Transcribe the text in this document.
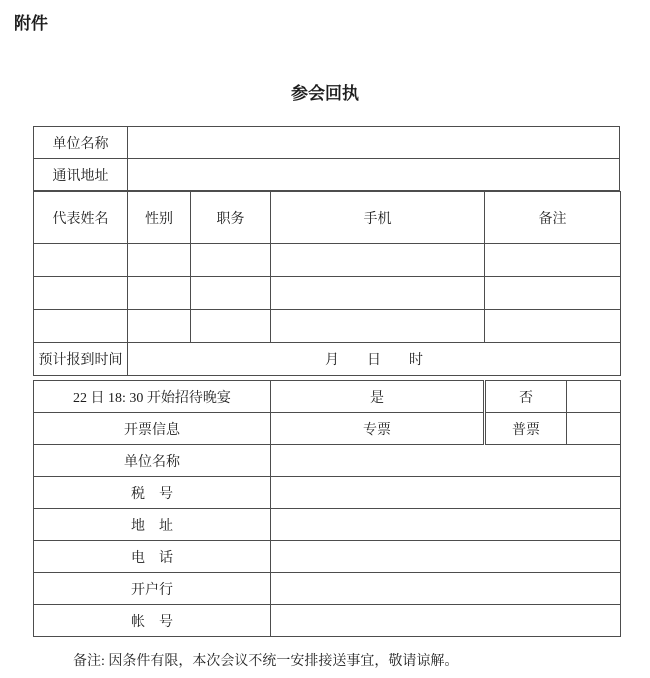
附件
参会回执
单位名称	
通讯地址	
代表姓名	性别	职务	手机	备注

预计报到时间	月　　日　　时			
22 日 18: 30 开始招待晚宴	是	否	
开票信息	专票	普票	
单位名称			
税　号			
地　址			
电　话			
开户行			
帐　号			
备注: 因条件有限，本次会议不统一安排接送事宜，敬请谅解。
